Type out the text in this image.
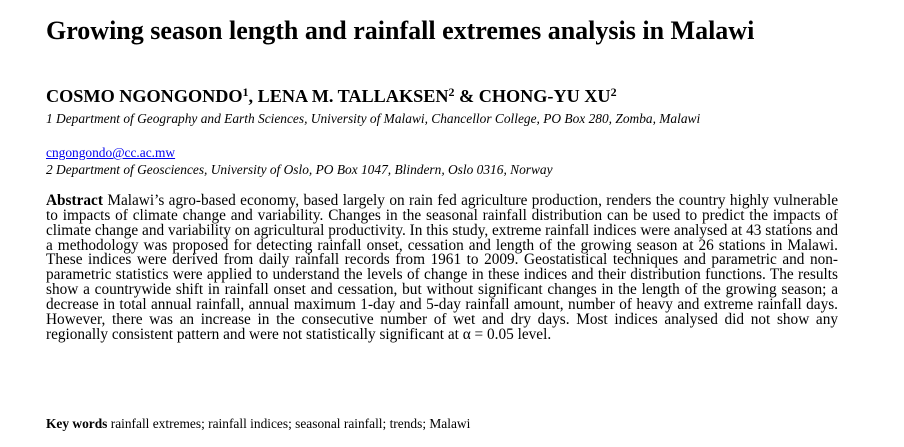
Growing season length and rainfall extremes analysis in Malawi
COSMO NGONGONDO$^1$, LENA M. TALLAKSEN$^2$ & CHONG-YU $XU^2$
1 Department of Geography and Earth Sciences, University of Malawi, Chancellor College, PO Box 280, Zomba, Malawi
cngongondo@cc.ac.mw
2 Department of Geosciences, University of Oslo, PO Box 1047, Blindern, Oslo 0316, Norway

Abstract Malawi’s agro-based economy, based largely on rain fed agriculture production, renders the country highly vulnerable to impacts of climate change and variability. Changes in the seasonal rainfall distribution can be used to predict the impacts of climate change and variability on agricultural productivity. In this study, extreme rainfall indices were analysed at 43 stations and a methodology was proposed for detecting rainfall onset, cessation and length of the growing season at 26 stations in Malawi. These indices were derived from daily rainfall records from 1961 to 2009. Geostatistical techniques and parametric and non-parametric statistics were applied to understand the levels of change in these indices and their distribution functions. The results show a countrywide shift in rainfall onset and cessation, but without significant changes in the length of the growing season; a decrease in total annual rainfall, annual maximum 1-day and 5-day rainfall amount, number of heavy and extreme rainfall days. However, there was an increase in the consecutive number of wet and dry days. Most indices analysed did not show any regionally consistent pattern and were not statistically significant at α = 0.05 level.

Key words rainfall extremes; rainfall indices; seasonal rainfall; trends; Malawi
